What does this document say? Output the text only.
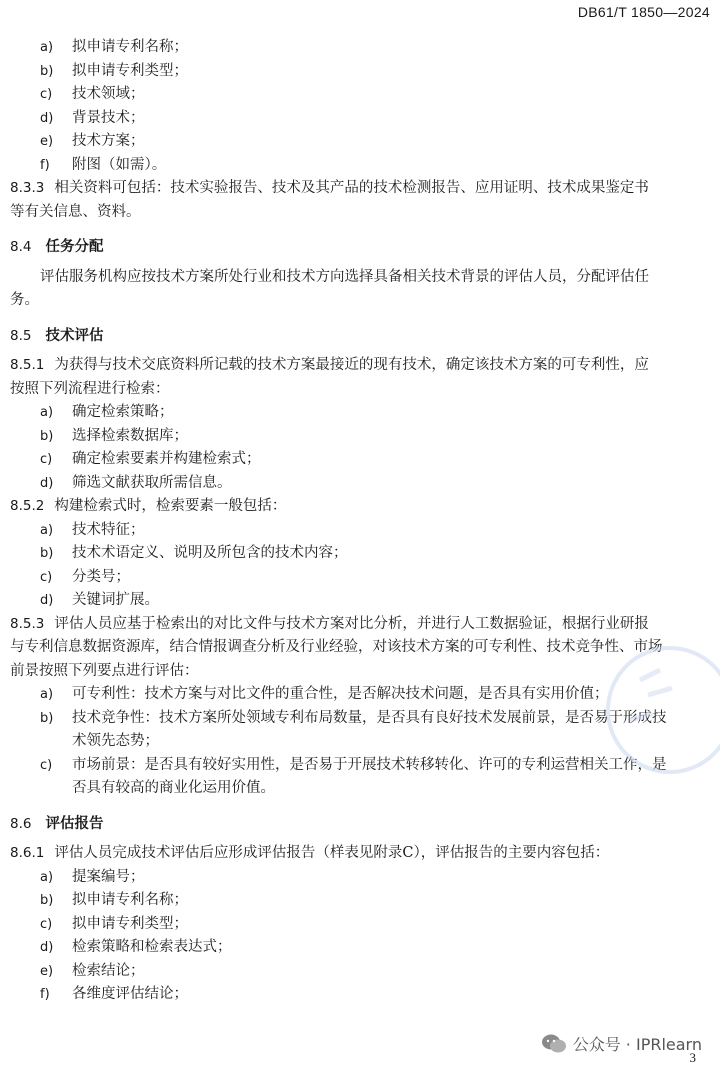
DB61/T 1850—2024
a) 拟申请专利名称；
b) 拟申请专利类型；
c) 技术领域；
d) 背景技术；
e) 技术方案；
f) 附图（如需）。
8.3.3 相关资料可包括：技术实验报告、技术及其产品的技术检测报告、应用证明、技术成果鉴定书
等有关信息、资料。
8.4 任务分配
评估服务机构应按技术方案所处行业和技术方向选择具备相关技术背景的评估人员，分配评估任
务。
8.5 技术评估
8.5.1 为获得与技术交底资料所记载的技术方案最接近的现有技术，确定该技术方案的可专利性，应
按照下列流程进行检索：
a) 确定检索策略；
b) 选择检索数据库；
c) 确定检索要素并构建检索式；
d) 筛选文献获取所需信息。
8.5.2 构建检索式时，检索要素一般包括：
a) 技术特征；
b) 技术术语定义、说明及所包含的技术内容；
c) 分类号；
d) 关键词扩展。
8.5.3 评估人员应基于检索出的对比文件与技术方案对比分析，并进行人工数据验证，根据行业研报
与专利信息数据资源库，结合情报调查分析及行业经验，对该技术方案的可专利性、技术竞争性、市场
前景按照下列要点进行评估：
a) 可专利性：技术方案与对比文件的重合性，是否解决技术问题，是否具有实用价值；
b) 技术竞争性：技术方案所处领域专利布局数量，是否具有良好技术发展前景，是否易于形成技
术领先态势；
c) 市场前景：是否具有较好实用性，是否易于开展技术转移转化、许可的专利运营相关工作，是
否具有较高的商业化运用价值。
8.6 评估报告
8.6.1 评估人员完成技术评估后应形成评估报告（样表见附录C），评估报告的主要内容包括：
a) 提案编号；
b) 拟申请专利名称；
c) 拟申请专利类型；
d) 检索策略和检索表达式；
e) 检索结论；
f) 各维度评估结论；
公众号 · IPRlearn
3
